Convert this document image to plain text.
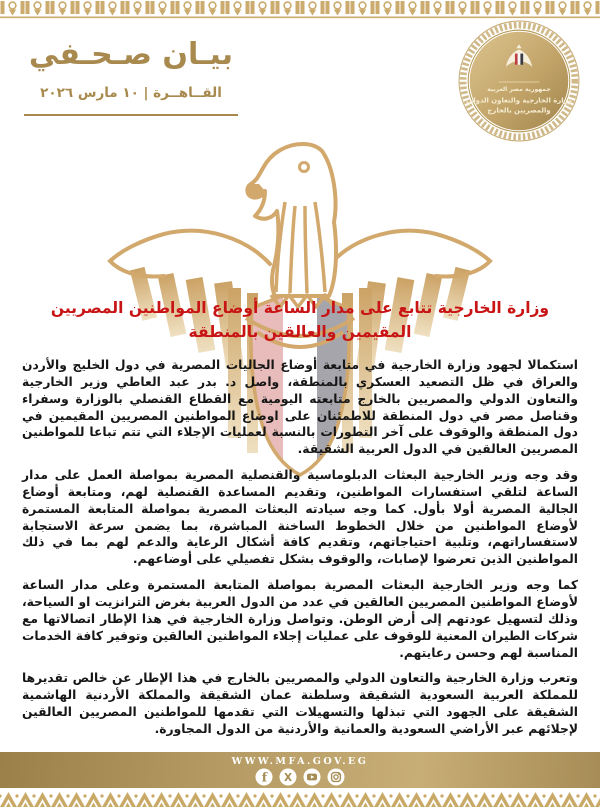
جمهورية مصر العربية
وزارة الخارجية والتعاون الدولي
والمصريين بالخارج
بيـان صـحـفي
القــاهــرة | ١٠ مارس ٢٠٢٦
وزارة الخارجية تتابع على مدار الساعة أوضاع المواطنين المصريين المقيمين والعالقين بالمنطقة

استكمالا لجهود وزارة الخارجية في متابعة أوضاع الجاليات المصرية في دول الخليج والأردن والعراق في ظل التصعيد العسكري بالمنطقة، واصل د. بدر عبد العاطي وزير الخارجية والتعاون الدولي والمصريين بالخارج متابعته اليومية مع القطاع القنصلي بالوزارة وسفراء وقناصل مصر في دول المنطقة للاطمئنان على اوضاع المواطنين المصريين المقيمين في دول المنطقة والوقوف على آخر التطورات بالنسبة لعمليات الإجلاء التي تتم تباعا للمواطنين المصريين العالقين في الدول العربية الشقيقة.

وقد وجه وزير الخارجية البعثات الدبلوماسية والقنصلية المصرية بمواصلة العمل على مدار الساعة لتلقي استفسارات المواطنين، وتقديم المساعدة القنصلية لهم، ومتابعة أوضاع الجالية المصرية أولا بأول. كما وجه سيادته البعثات المصرية بمواصلة المتابعة المستمرة لأوضاع المواطنين من خلال الخطوط الساخنة المباشرة، بما يضمن سرعة الاستجابة لاستفساراتهم، وتلبية احتياجاتهم، وتقديم كافة أشكال الرعاية والدعم لهم بما في ذلك المواطنين الذين تعرضوا لإصابات، والوقوف بشكل تفصيلي على أوضاعهم.

كما وجه وزير الخارجية البعثات المصرية بمواصلة المتابعة المستمرة وعلى مدار الساعة لأوضاع المواطنين المصريين العالقين في عدد من الدول العربية بغرض الترانزيت او السياحة، وذلك لتسهيل عودتهم إلى أرض الوطن. وتواصل وزارة الخارجية في هذا الإطار اتصالاتها مع شركات الطيران المعنية للوقوف على عمليات إجلاء المواطنين العالقين وتوفير كافة الخدمات المناسبة لهم وحسن رعايتهم.

وتعرب وزارة الخارجية والتعاون الدولي والمصريين بالخارج في هذا الإطار عن خالص تقديرها للمملكة العربية السعودية الشقيقة وسلطنة عمان الشقيقة والمملكة الأردنية الهاشمية الشقيقة على الجهود التي تبذلها والتسهيلات التي تقدمها للمواطنين المصريين العالقين لإجلائهم عبر الأراضي السعودية والعمانية والأردنية من الدول المجاورة.

WWW.MFA.GOV.EG
f X
